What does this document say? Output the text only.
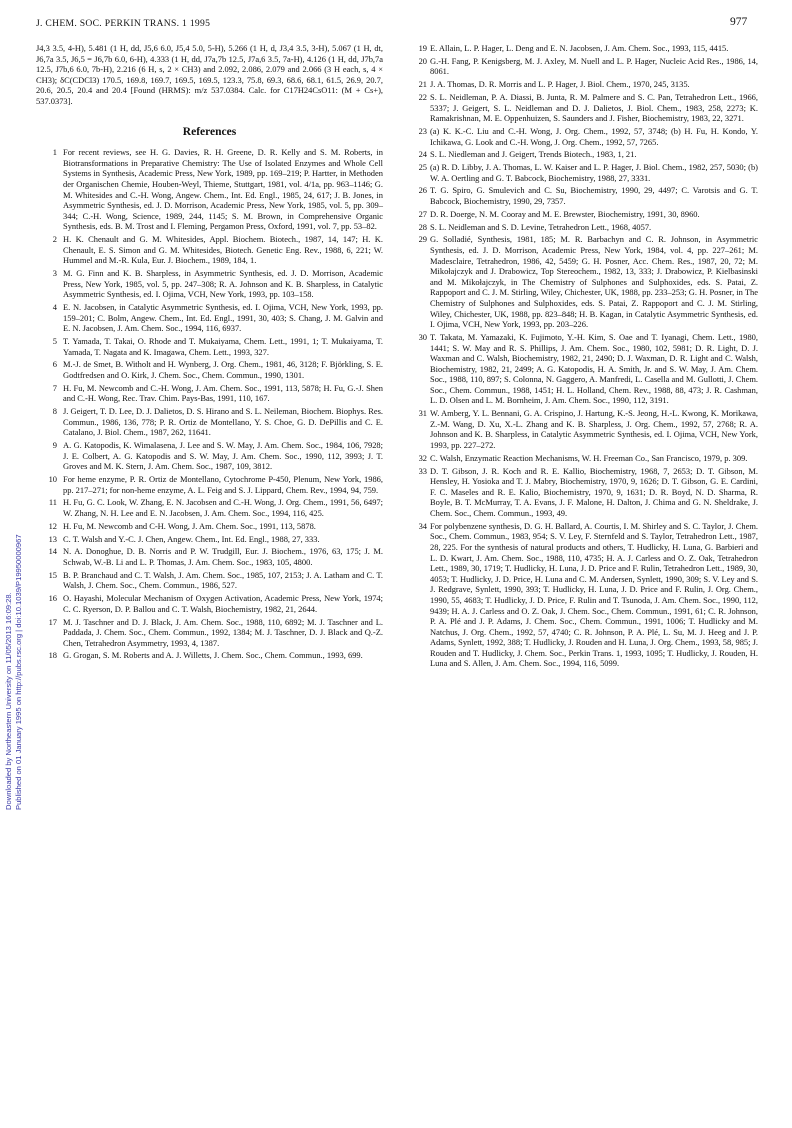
J. CHEM. SOC. PERKIN TRANS. 1 1995	977
Downloaded by Northeastern University on 11/05/2013 16:09:28. Published on 01 January 1995 on http://pubs.rsc.org | doi:10.1039/P19950000967
J4,3 3.5, 4-H), 5.481 (1 H, dd, J5,6 6.0, J5,4 5.0, 5-H), 5.266 (1 H, d, J3,4 3.5, 3-H), 5.067 (1 H, dt, J6,7a 3.5, J6,5 = J6,7b 6.0, 6-H), 4.333 (1 H, dd, J7a,7b 12.5, J7a,6 3.5, 7a-H), 4.126 (1 H, dd, J7b,7a 12.5, J7b,6 6.0, 7b-H), 2.216 (6 H, s, 2 × CH3) and 2.092, 2.086, 2.079 and 2.066 (3 H each, s, 4 × CH3); δC(CDCl3) 170.5, 169.8, 169.7, 169.5, 169.5, 123.3, 75.8, 69.3, 68.6, 68.1, 61.5, 26.9, 20.7, 20.6, 20.5, 20.4 and 20.4 [Found (HRMS): m/z 537.0384. Calc. for C17H24CsO11: (M + Cs+), 537.0373].
References
1 For recent reviews, see H. G. Davies, R. H. Greene, D. R. Kelly and S. M. Roberts, in Biotransformations in Preparative Chemistry: The Use of Isolated Enzymes and Whole Cell Systems in Synthesis, Academic Press, New York, 1989, pp. 169–219; P. Hartter, in Methoden der Organischen Chemie, Houben-Weyl, Thieme, Stuttgart, 1981, vol. 4/1a, pp. 963–1146; G. M. Whitesides and C.-H. Wong, Angew. Chem., Int. Ed. Engl., 1985, 24, 617; J. B. Jones, in Asymmetric Synthesis, ed. J. D. Morrison, Academic Press, New York, 1985, vol. 5, pp. 309–344; C.-H. Wong, Science, 1989, 244, 1145; S. M. Brown, in Comprehensive Organic Synthesis, eds. B. M. Trost and I. Fleming, Pergamon Press, Oxford, 1991, vol. 7, pp. 53–82.
2 H. K. Chenault and G. M. Whitesides, Appl. Biochem. Biotech., 1987, 14, 147; H. K. Chenault, E. S. Simon and G. M. Whitesides, Biotech. Genetic Eng. Rev., 1988, 6, 221; W. Hummel and M.-R. Kula, Eur. J. Biochem., 1989, 184, 1.
3 M. G. Finn and K. B. Sharpless, in Asymmetric Synthesis, ed. J. D. Morrison, Academic Press, New York, 1985, vol. 5, pp. 247–308; R. A. Johnson and K. B. Sharpless, in Catalytic Asymmetric Synthesis, ed. I. Ojima, VCH, New York, 1993, pp. 103–158.
4 E. N. Jacobsen, in Catalytic Asymmetric Synthesis, ed. I. Ojima, VCH, New York, 1993, pp. 159–201; C. Bolm, Angew. Chem., Int. Ed. Engl., 1991, 30, 403; S. Chang, J. M. Galvin and E. N. Jacobsen, J. Am. Chem. Soc., 1994, 116, 6937.
5 T. Yamada, T. Takai, O. Rhode and T. Mukaiyama, Chem. Lett., 1991, 1; T. Mukaiyama, T. Yamada, T. Nagata and K. Imagawa, Chem. Lett., 1993, 327.
6 M.-J. de Smet, B. Witholt and H. Wynberg, J. Org. Chem., 1981, 46, 3128; F. Björkling, S. E. Godtfredsen and O. Kirk, J. Chem. Soc., Chem. Commun., 1990, 1301.
7 H. Fu, M. Newcomb and C.-H. Wong, J. Am. Chem. Soc., 1991, 113, 5878; H. Fu, G.-J. Shen and C.-H. Wong, Rec. Trav. Chim. Pays-Bas, 1991, 110, 167.
8 J. Geigert, T. D. Lee, D. J. Dalietos, D. S. Hirano and S. L. Neileman, Biochem. Biophys. Res. Commun., 1986, 136, 778; P. R. Ortiz de Montellano, Y. S. Choe, G. D. DePillis and C. E. Catalano, J. Biol. Chem., 1987, 262, 11641.
9 A. G. Katopodis, K. Wimalasena, J. Lee and S. W. May, J. Am. Chem. Soc., 1984, 106, 7928; J. E. Colbert, A. G. Katopodis and S. W. May, J. Am. Chem. Soc., 1990, 112, 3993; J. T. Groves and M. K. Stern, J. Am. Chem. Soc., 1987, 109, 3812.
10 For heme enzyme, P. R. Ortiz de Montellano, Cytochrome P-450, Plenum, New York, 1986, pp. 217–271; for non-heme enzyme, A. L. Feig and S. J. Lippard, Chem. Rev., 1994, 94, 759.
11 H. Fu, G. C. Look, W. Zhang, E. N. Jacobsen and C.-H. Wong, J. Org. Chem., 1991, 56, 6497; W. Zhang, N. H. Lee and E. N. Jacobsen, J. Am. Chem. Soc., 1994, 116, 425.
12 H. Fu, M. Newcomb and C-H. Wong, J. Am. Chem. Soc., 1991, 113, 5878.
13 C. T. Walsh and Y.-C. J. Chen, Angew. Chem., Int. Ed. Engl., 1988, 27, 333.
14 N. A. Donoghue, D. B. Norris and P. W. Trudgill, Eur. J. Biochem., 1976, 63, 175; J. M. Schwab, W.-B. Li and L. P. Thomas, J. Am. Chem. Soc., 1983, 105, 4800.
15 B. P. Branchaud and C. T. Walsh, J. Am. Chem. Soc., 1985, 107, 2153; J. A. Latham and C. T. Walsh, J. Chem. Soc., Chem. Commun., 1986, 527.
16 O. Hayashi, Molecular Mechanism of Oxygen Activation, Academic Press, New York, 1974; C. C. Ryerson, D. P. Ballou and C. T. Walsh, Biochemistry, 1982, 21, 2644.
17 M. J. Taschner and D. J. Black, J. Am. Chem. Soc., 1988, 110, 6892; M. J. Taschner and L. Paddada, J. Chem. Soc., Chem. Commun., 1992, 1384; M. J. Taschner, D. J. Black and Q.-Z. Chen, Tetrahedron Asymmetry, 1993, 4, 1387.
18 G. Grogan, S. M. Roberts and A. J. Willetts, J. Chem. Soc., Chem. Commun., 1993, 699.
19 E. Allain, L. P. Hager, L. Deng and E. N. Jacobsen, J. Am. Chem. Soc., 1993, 115, 4415.
20 G.-H. Fang, P. Kenigsberg, M. J. Axley, M. Nuell and L. P. Hager, Nucleic Acid Res., 1986, 14, 8061.
21 J. A. Thomas, D. R. Morris and L. P. Hager, J. Biol. Chem., 1970, 245, 3135.
22 S. L. Neidleman, P. A. Diassi, B. Junta, R. M. Palmere and S. C. Pan, Tetrahedron Lett., 1966, 5337; J. Geigert, S. L. Neidleman and D. J. Dalietos, J. Biol. Chem., 1983, 258, 2273; K. Ramakrishnan, M. E. Oppenhuizen, S. Saunders and J. Fisher, Biochemistry, 1983, 22, 3271.
23 (a) K. K.-C. Liu and C.-H. Wong, J. Org. Chem., 1992, 57, 3748; (b) H. Fu, H. Kondo, Y. Ichikawa, G. Look and C.-H. Wong, J. Org. Chem., 1992, 57, 7265.
24 S. L. Niedleman and J. Geigert, Trends Biotech., 1983, 1, 21.
25 (a) R. D. Libby, J. A. Thomas, L. W. Kaiser and L. P. Hager, J. Biol. Chem., 1982, 257, 5030; (b) W. A. Oertling and G. T. Babcock, Biochemistry, 1988, 27, 3331.
26 T. G. Spiro, G. Smulevich and C. Su, Biochemistry, 1990, 29, 4497; C. Varotsis and G. T. Babcock, Biochemistry, 1990, 29, 7357.
27 D. R. Doerge, N. M. Cooray and M. E. Brewster, Biochemistry, 1991, 30, 8960.
28 S. L. Neidleman and S. D. Levine, Tetrahedron Lett., 1968, 4057.
29 G. Solladié, Synthesis, 1981, 185; M. R. Barbachyn and C. R. Johnson, in Asymmetric Synthesis, ed. J. D. Morrison, Academic Press, New York, 1984, vol. 4, pp. 227–261; M. Madesclaire, Tetrahedron, 1986, 42, 5459; G. H. Posner, Acc. Chem. Res., 1987, 20, 72; M. Mikołajczyk and J. Drabowicz, Top Stereochem., 1982, 13, 333; J. Drabowicz, P. Kielbasinski and M. Mikołajczyk, in The Chemistry of Sulphones and Sulphoxides, eds. S. Patai, Z. Rappoport and C. J. M. Stirling, Wiley, Chichester, UK, 1988, pp. 233–253; G. H. Posner, in The Chemistry of Sulphones and Sulphoxides, eds. S. Patai, Z. Rappoport and C. J. M. Stirling, Wiley, Chichester, UK, 1988, pp. 823–848; H. B. Kagan, in Catalytic Asymmetric Synthesis, ed. I. Ojima, VCH, New York, 1993, pp. 203–226.
30 T. Takata, M. Yamazaki, K. Fujimoto, Y.-H. Kim, S. Oae and T. Iyanagi, Chem. Lett., 1980, 1441; S. W. May and R. S. Phillips, J. Am. Chem. Soc., 1980, 102, 5981; D. R. Light, D. J. Waxman and C. Walsh, Biochemistry, 1982, 21, 2490; D. J. Waxman, D. R. Light and C. Walsh, Biochemistry, 1982, 21, 2499; A. G. Katopodis, H. A. Smith, Jr. and S. W. May, J. Am. Chem. Soc., 1988, 110, 897; S. Colonna, N. Gaggero, A. Manfredi, L. Casella and M. Gullotti, J. Chem. Soc., Chem. Commun., 1988, 1451; H. L. Holland, Chem. Rev., 1988, 88, 473; J. R. Cashman, L. D. Olsen and L. M. Bornheim, J. Am. Chem. Soc., 1990, 112, 3191.
31 W. Amberg, Y. L. Bennani, G. A. Crispino, J. Hartung, K.-S. Jeong, H.-L. Kwong, K. Morikawa, Z.-M. Wang, D. Xu, X.-L. Zhang and K. B. Sharpless, J. Org. Chem., 1992, 57, 2768; R. A. Johnson and K. B. Sharpless, in Catalytic Asymmetric Synthesis, ed. I. Ojima, VCH, New York, 1993, pp. 227–272.
32 C. Walsh, Enzymatic Reaction Mechanisms, W. H. Freeman Co., San Francisco, 1979, p. 309.
33 D. T. Gibson, J. R. Koch and R. E. Kallio, Biochemistry, 1968, 7, 2653; D. T. Gibson, M. Hensley, H. Yosioka and T. J. Mabry, Biochemistry, 1970, 9, 1626; D. T. Gibson, G. E. Cardini, F. C. Maseles and R. E. Kalio, Biochemistry, 1970, 9, 1631; D. R. Boyd, N. D. Sharma, R. Boyle, B. T. McMurray, T. A. Evans, J. F. Malone, H. Dalton, J. Chima and G. N. Sheldrake, J. Chem. Soc., Chem. Commun., 1993, 49.
34 For polybenzene synthesis, D. G. H. Ballard, A. Courtis, I. M. Shirley and S. C. Taylor, J. Chem. Soc., Chem. Commun., 1983, 954; S. V. Ley, F. Sternfeld and S. Taylor, Tetrahedron Lett., 1987, 28, 225. For the synthesis of natural products and others, T. Hudlicky, H. Luna, G. Barbieri and L. D. Kwart, J. Am. Chem. Soc., 1988, 110, 4735; H. A. J. Carless and O. Z. Oak, Tetrahedron Lett., 1989, 30, 1719; T. Hudlicky, H. Luna, J. D. Price and F. Rulin, Tetrahedron Lett., 1989, 30, 4053; T. Hudlicky, J. D. Price, H. Luna and C. M. Andersen, Synlett, 1990, 309; S. V. Ley and S. J. Redgrave, Synlett, 1990, 393; T. Hudlicky, H. Luna, J. D. Price and F. Rulin, J. Org. Chem., 1990, 55, 4683; T. Hudlicky, J. D. Price, F. Rulin and T. Tsunoda, J. Am. Chem. Soc., 1990, 112, 9439; H. A. J. Carless and O. Z. Oak, J. Chem. Soc., Chem. Commun., 1991, 61; C. R. Johnson, P. A. Plé and J. P. Adams, J. Chem. Soc., Chem. Commun., 1991, 1006; T. Hudlicky and M. Natchus, J. Org. Chem., 1992, 57, 4740; C. R. Johnson, P. A. Plé, L. Su, M. J. Heeg and J. P. Adams, Synlett, 1992, 388; T. Hudlicky, J. Rouden and H. Luna, J. Org. Chem., 1993, 58, 985; J. Rouden and T. Hudlicky, J. Chem. Soc., Perkin Trans. 1, 1993, 1095; T. Hudlicky, J. Rouden, H. Luna and S. Allen, J. Am. Chem. Soc., 1994, 116, 5099.
